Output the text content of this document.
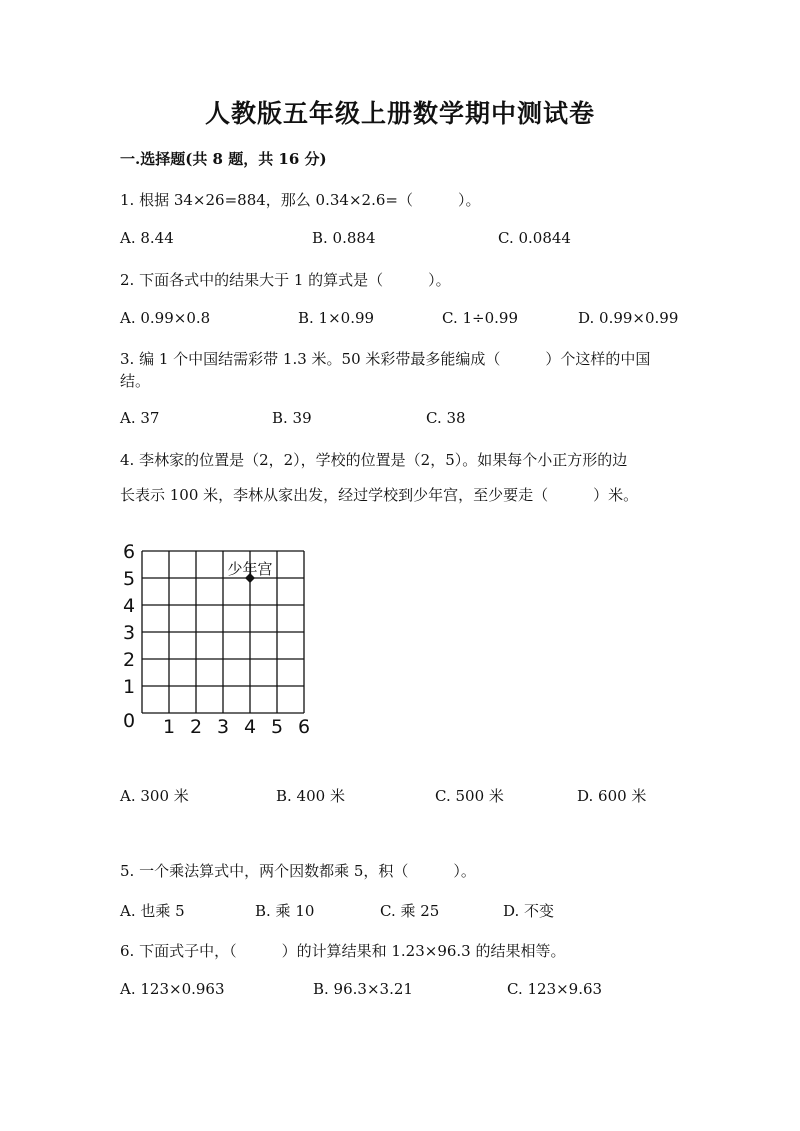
人教版五年级上册数学期中测试卷
一.选择题(共 8 题，共 16 分)
1. 根据 34×26=884，那么 0.34×2.6=（　　　）。
A. 8.44	B. 0.884	C. 0.0844
2. 下面各式中的结果大于 1 的算式是（　　　）。
A. 0.99×0.8	B. 1×0.99	C. 1÷0.99	D. 0.99×0.99
3. 编 1 个中国结需彩带 1.3 米。50 米彩带最多能编成（　　　）个这样的中国
结。
A. 37	B. 39	C. 38
4. 李林家的位置是（2，2），学校的位置是（2，5）。如果每个小正方形的边
长表示 100 米，李林从家出发，经过学校到少年宫，至少要走（　　　）米。
0
1
2
3
4
5
6
1 2 3 4 5 6
少年宫
A. 300 米	B. 400 米	C. 500 米	D. 600 米
5. 一个乘法算式中，两个因数都乘 5，积（　　　）。
A. 也乘 5	B. 乘 10	C. 乘 25	D. 不变
6. 下面式子中，（　　　）的计算结果和 1.23×96.3 的结果相等。
A. 123×0.963	B. 96.3×3.21	C. 123×9.63
